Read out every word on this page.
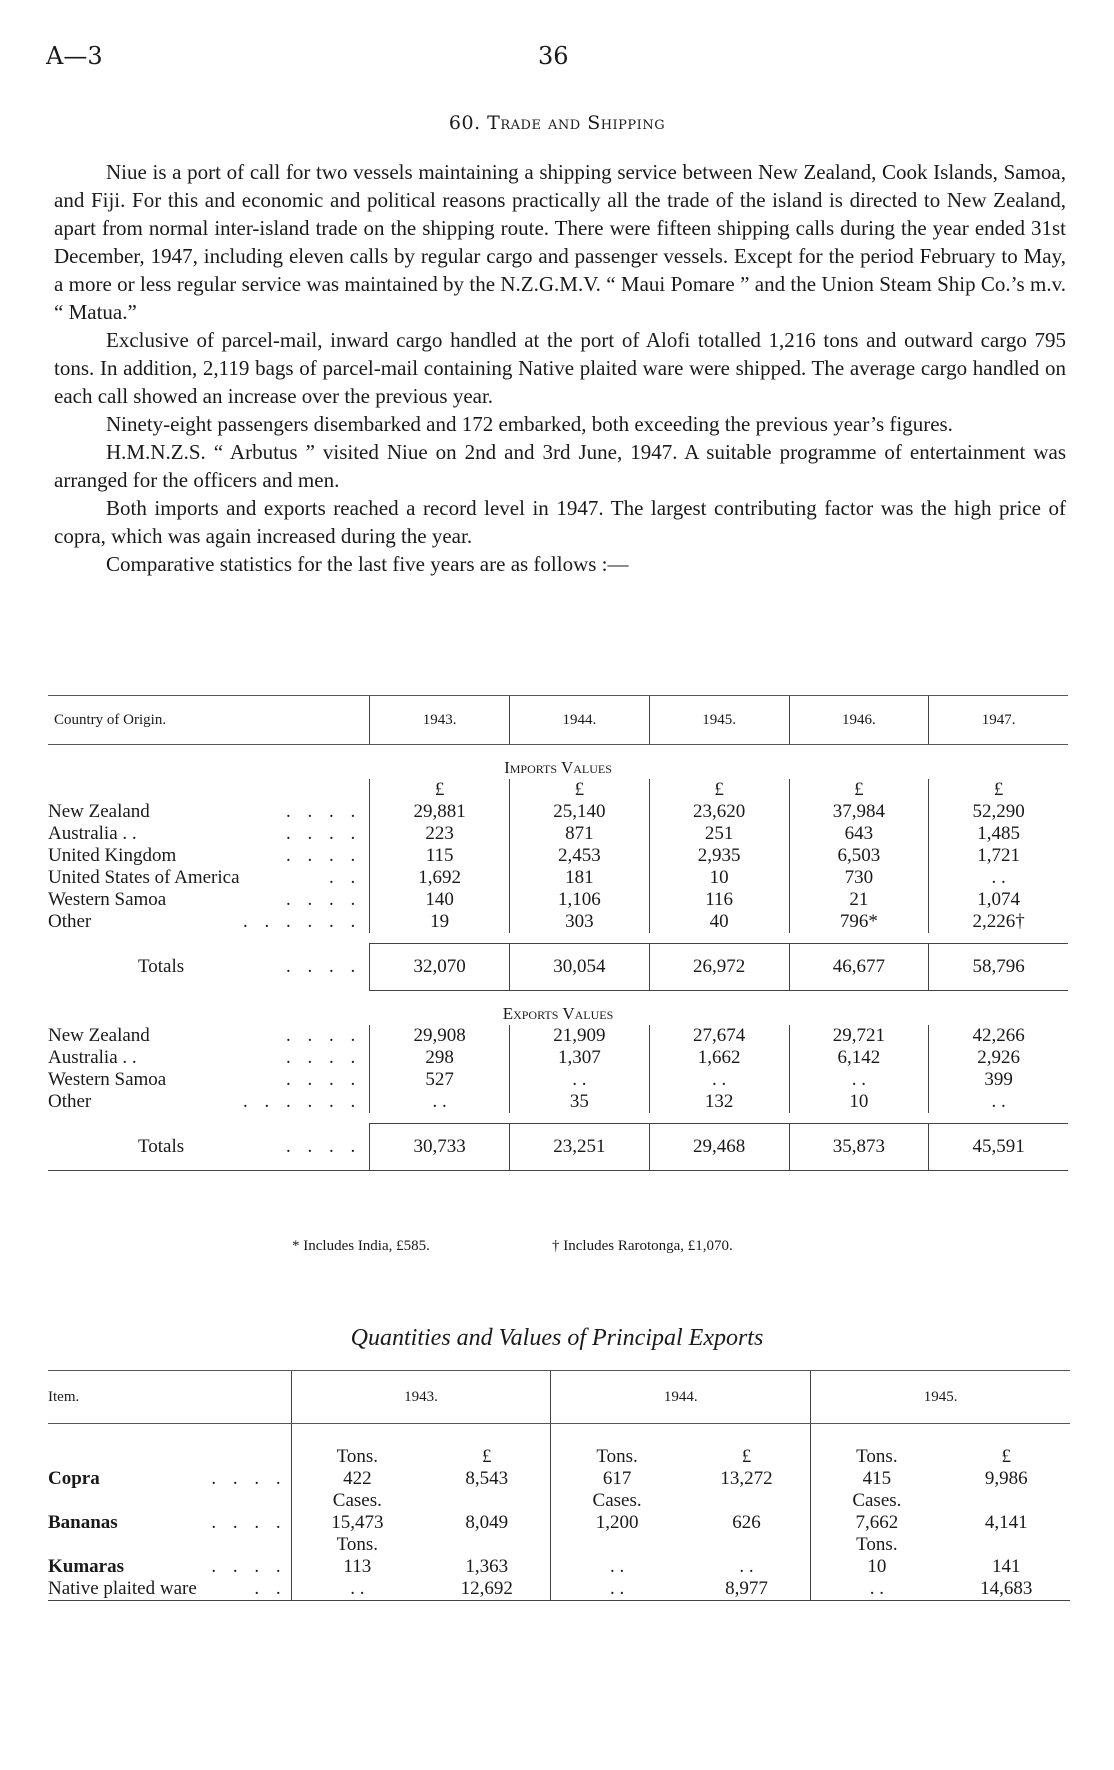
A—3	36
60. Trade and Shipping

Niue is a port of call for two vessels maintaining a shipping service between New Zealand, Cook Islands, Samoa, and Fiji. For this and economic and political reasons practically all the trade of the island is directed to New Zealand, apart from normal inter-island trade on the shipping route. There were fifteen shipping calls during the year ended 31st December, 1947, including eleven calls by regular cargo and passenger vessels. Except for the period February to May, a more or less regular service was maintained by the N.Z.G.M.V. “ Maui Pomare ” and the Union Steam Ship Co.’s m.v. “ Matua.”

Exclusive of parcel-mail, inward cargo handled at the port of Alofi totalled 1,216 tons and outward cargo 795 tons. In addition, 2,119 bags of parcel-mail containing Native plaited ware were shipped. The average cargo handled on each call showed an increase over the previous year.

Ninety-eight passengers disembarked and 172 embarked, both exceeding the previous year’s figures.

H.M.N.Z.S. “ Arbutus ” visited Niue on 2nd and 3rd June, 1947. A suitable programme of entertainment was arranged for the officers and men.

Both imports and exports reached a record level in 1947. The largest contributing factor was the high price of copra, which was again increased during the year.

Comparative statistics for the last five years are as follows :—

Country of Origin.	1943.	1944.	1945.	1946.	1947.
Imports Values					
	£	£	£	£	£
New Zealand . . . .	29,881	25,140	23,620	37,984	52,290
Australia . . . . . .	223	871	251	643	1,485
United Kingdom . . . .	115	2,453	2,935	6,503	1,721
United States of America . .	1,692	181	10	730	. .
Western Samoa . . . .	140	1,106	116	21	1,074
Other . . . . . .	19	303	40	796*	2,226†

Totals . . . .	32,070	30,054	26,972	46,677	58,796
Exports Values					
New Zealand . . . .	29,908	21,909	27,674	29,721	42,266
Australia . . . . . .	298	1,307	1,662	6,142	2,926
Western Samoa . . . .	527	. .	. .	. .	399
Other . . . . . .	. .	35	132	10	. .

Totals . . . .	30,733	23,251	29,468	35,873	45,591
* Includes India, £585.	† Includes Rarotonga, £1,070.
Quantities and Values of Principal Exports
Item.	1943.		1944.		1945.	

	Tons.	£	Tons.	£	Tons.	£
Copra . . . .	422	8,543	617	13,272	415	9,986

	Cases.		Cases.		Cases.	
Bananas . . . .	15,473	8,049	1,200	626	7,662	4,141

	Tons.				Tons.	
Kumaras . . . .	113	1,363	. .	. .	10	141
Native plaited ware . .	. .	12,692	. .	8,977	. .	14,683
